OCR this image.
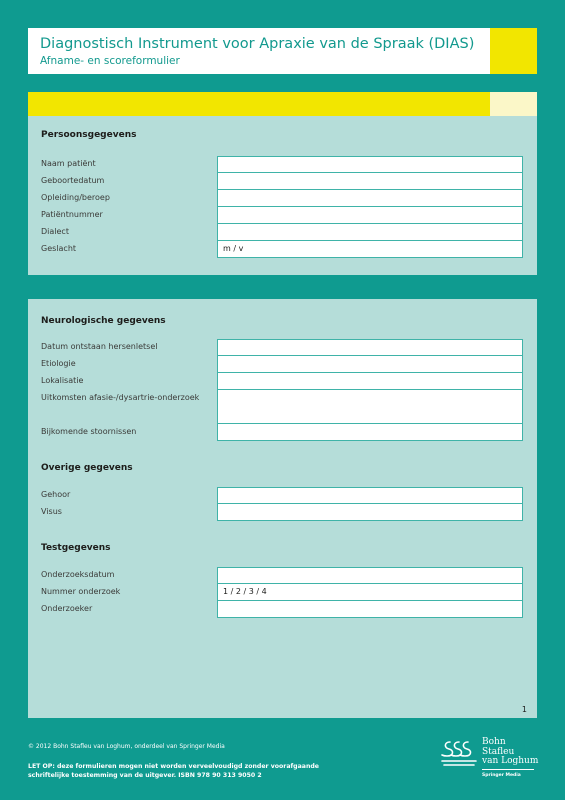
Diagnostisch Instrument voor Apraxie van de Spraak (DIAS)
Afname- en scoreformulier
Persoonsgegevens
Naam patiënt
Geboortedatum
Opleiding/beroep
Patiëntnummer
Dialect
Geslacht	m / v
Neurologische gegevens
Datum ontstaan hersenletsel
Etiologie
Lokalisatie
Uitkomsten afasie-/dysartrie-onderzoek
Bijkomende stoornissen
Overige gegevens
Gehoor
Visus
Testgegevens
Onderzoeksdatum
Nummer onderzoek	1 / 2 / 3 / 4
Onderzoeker
1
© 2012 Bohn Stafleu van Loghum, onderdeel van Springer Media
LET OP: deze formulieren mogen niet worden verveelvoudigd zonder voorafgaande
schriftelijke toestemming van de uitgever. ISBN 978 90 313 9050 2
Bohn
Stafleu
van Loghum
Springer Media
